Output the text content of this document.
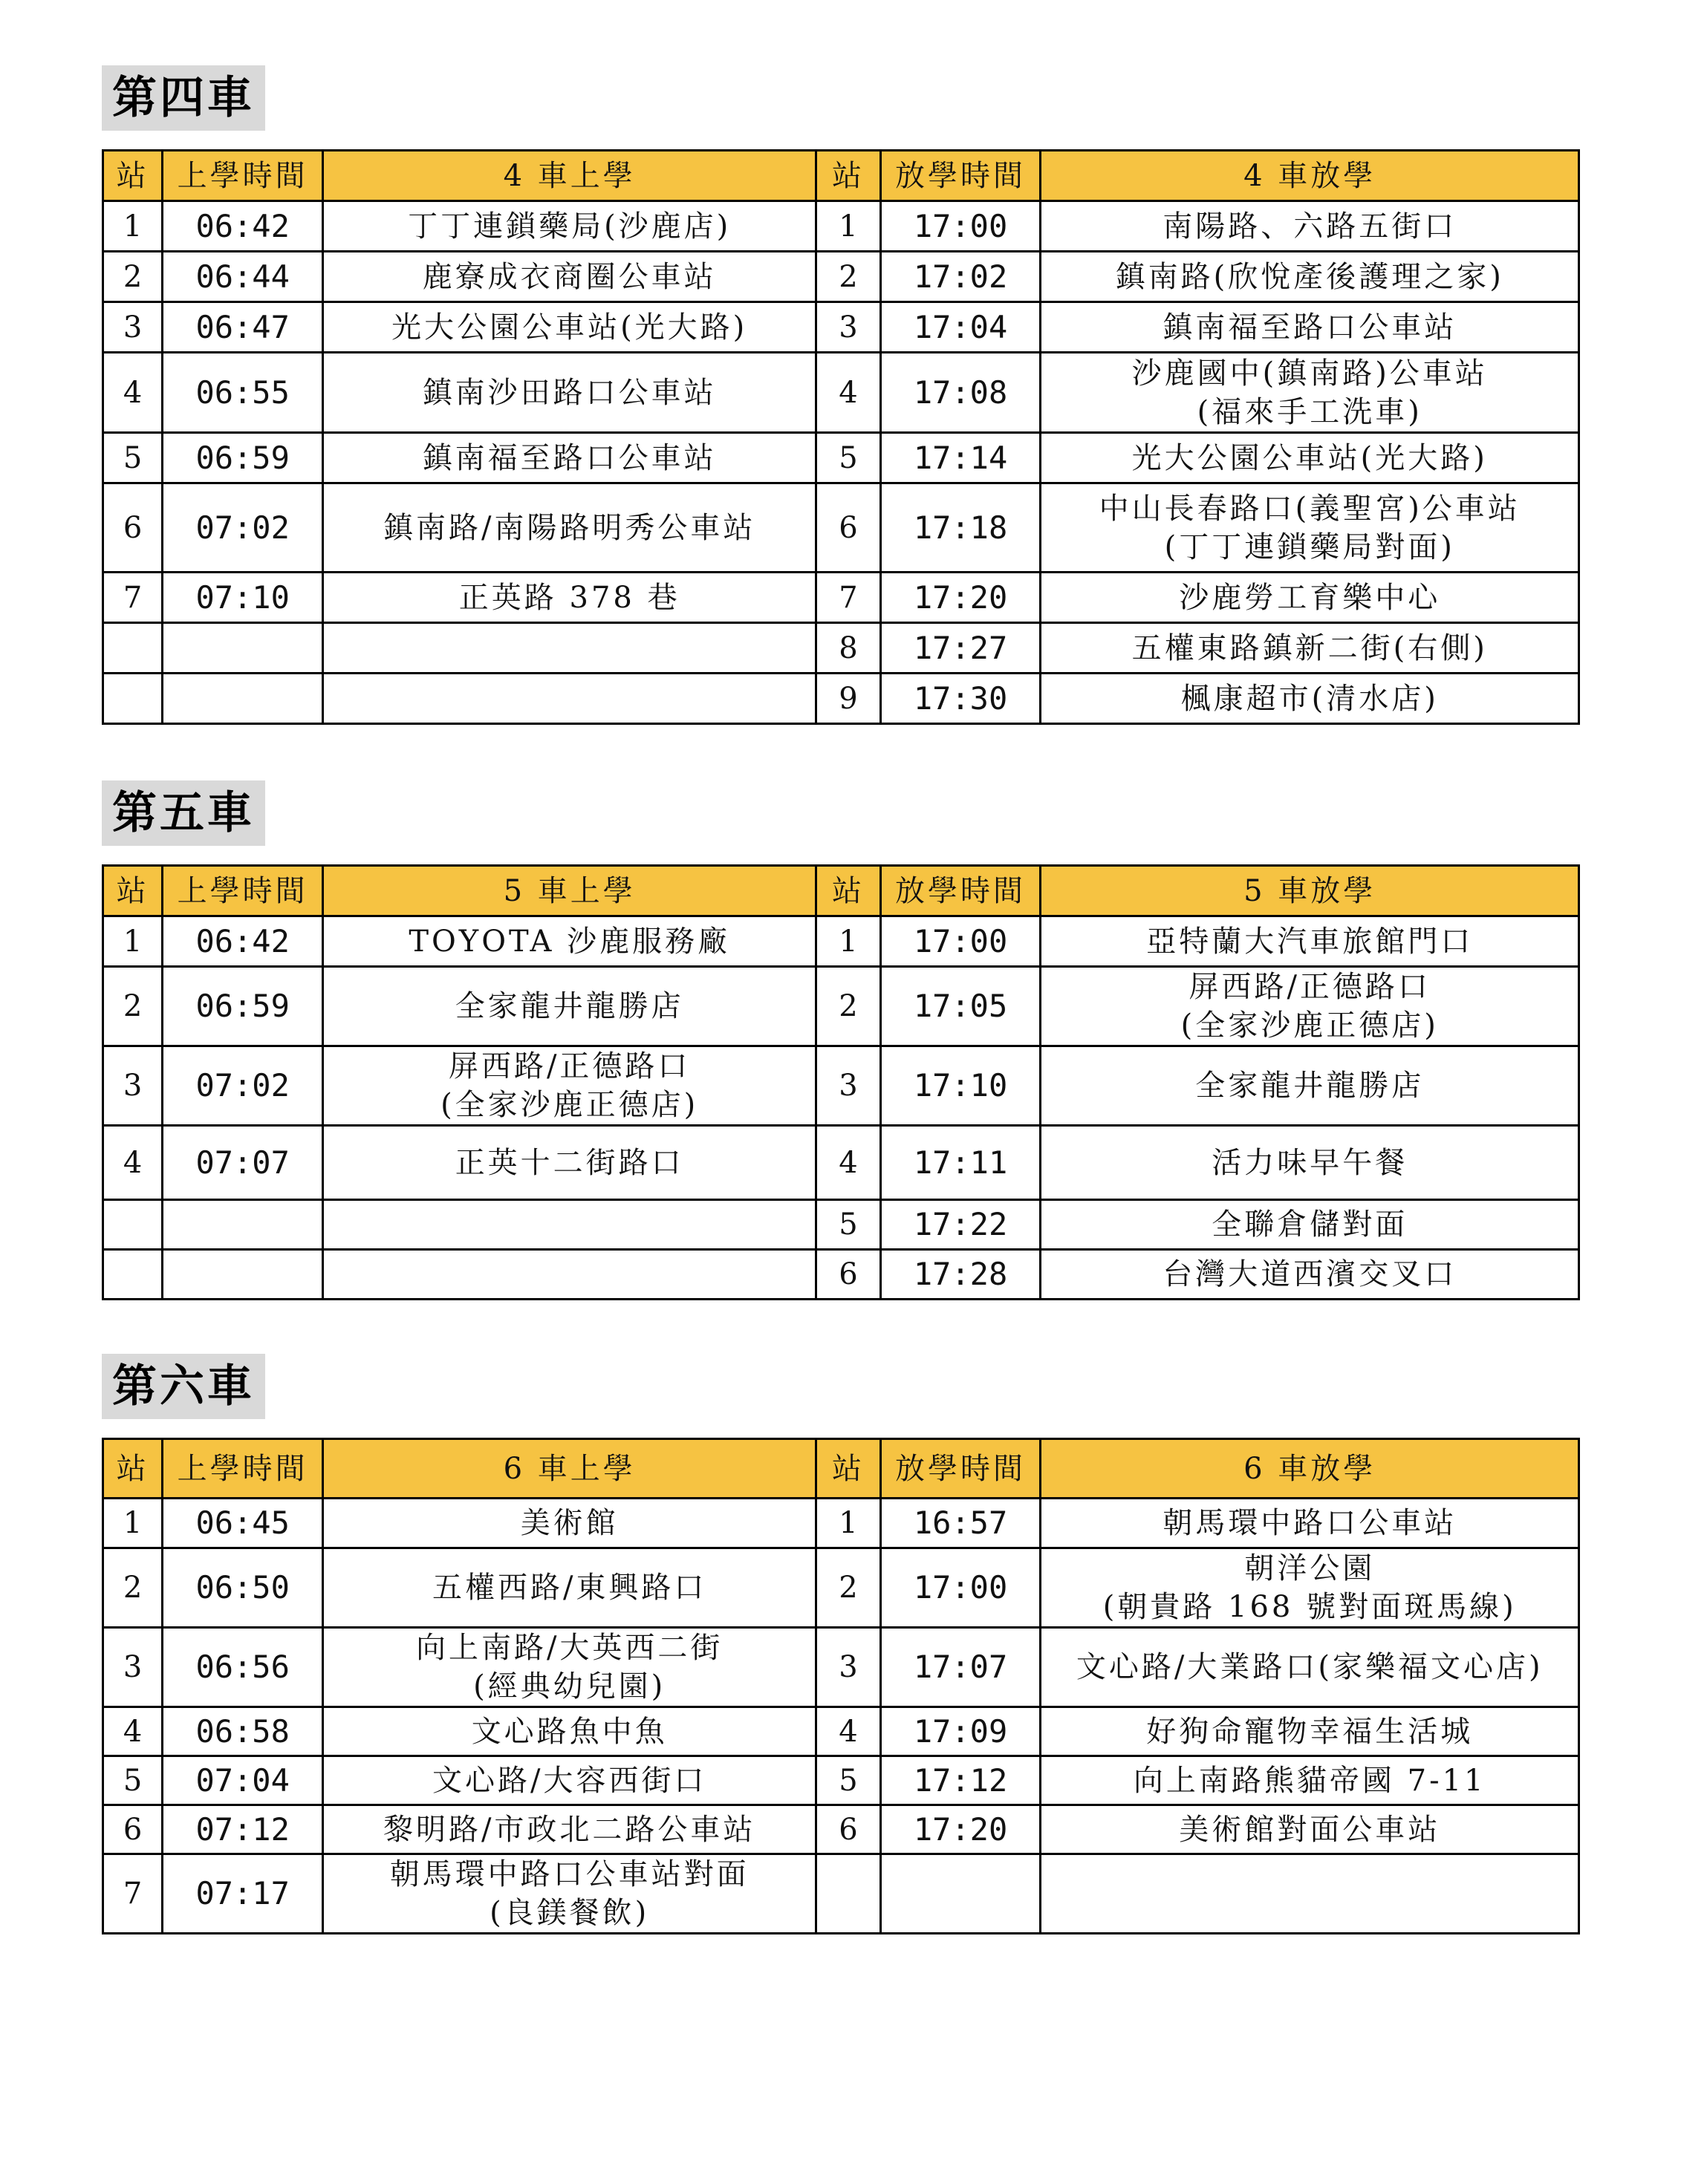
第四車
站	上學時間	4 車上學	站	放學時間	4 車放學
1	06:42	丁丁連鎖藥局(沙鹿店)	1	17:00	南陽路、六路五街口

2	06:44	鹿寮成衣商圈公車站	2	17:02	鎮南路(欣悅產後護理之家)

3	06:47	光大公園公車站(光大路)	3	17:04	鎮南福至路口公車站

4	06:55	鎮南沙田路口公車站	4	17:08	沙鹿國中(鎮南路)公車站
(福來手工洗車)

5	06:59	鎮南福至路口公車站	5	17:14	光大公園公車站(光大路)

6	07:02	鎮南路/南陽路明秀公車站	6	17:18	中山長春路口(義聖宮)公車站
(丁丁連鎖藥局對面)

7	07:10	正英路 378 巷	7	17:20	沙鹿勞工育樂中心

	8	17:27	五權東路鎮新二街(右側)

	9	17:30	楓康超市(清水店)
第五車
站	上學時間	5 車上學	站	放學時間	5 車放學
1	06:42	TOYOTA 沙鹿服務廠	1	17:00	亞特蘭大汽車旅館門口

2	06:59	全家龍井龍勝店	2	17:05	屏西路/正德路口
(全家沙鹿正德店)

3	07:02	屏西路/正德路口
(全家沙鹿正德店)	3	17:10	全家龍井龍勝店

4	07:07	正英十二街路口	4	17:11	活力味早午餐

	5	17:22	全聯倉儲對面

	6	17:28	台灣大道西濱交叉口
第六車
站	上學時間	6 車上學	站	放學時間	6 車放學
1	06:45	美術館	1	16:57	朝馬環中路口公車站

2	06:50	五權西路/東興路口	2	17:00	朝洋公園
(朝貴路 168 號對面斑馬線)

3	06:56	向上南路/大英西二街
(經典幼兒園)	3	17:07	文心路/大業路口(家樂福文心店)

4	06:58	文心路魚中魚	4	17:09	好狗命寵物幸福生活城

5	07:04	文心路/大容西街口	5	17:12	向上南路熊貓帝國 7-11

6	07:12	黎明路/市政北二路公車站	6	17:20	美術館對面公車站

7	07:17	朝馬環中路口公車站對面
(良鎂餐飲)			
